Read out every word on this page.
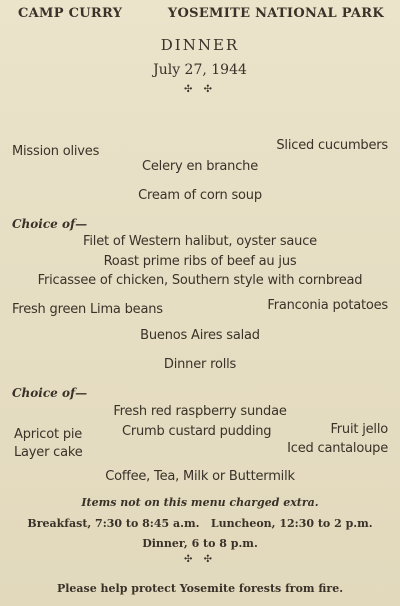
CAMP CURRY	YOSEMITE NATIONAL PARK
DINNER
July 27, 1944
✣ ✣
Mission olives	Sliced cucumbers
Celery en branche
Cream of corn soup
Choice of—
Filet of Western halibut, oyster sauce
Roast prime ribs of beef au jus
Fricassee of chicken, Southern style with cornbread
Fresh green Lima beans	Franconia potatoes
Buenos Aires salad
Dinner rolls
Choice of—
Fresh red raspberry sundae
Apricot pie	Crumb custard pudding	Fruit jello
Layer cake	Iced cantaloupe
Coffee, Tea, Milk or Buttermilk
Items not on this menu charged extra.
Breakfast, 7:30 to 8:45 a.m.   Luncheon, 12:30 to 2 p.m.
Dinner, 6 to 8 p.m.
✣ ✣
Please help protect Yosemite forests from fire.
